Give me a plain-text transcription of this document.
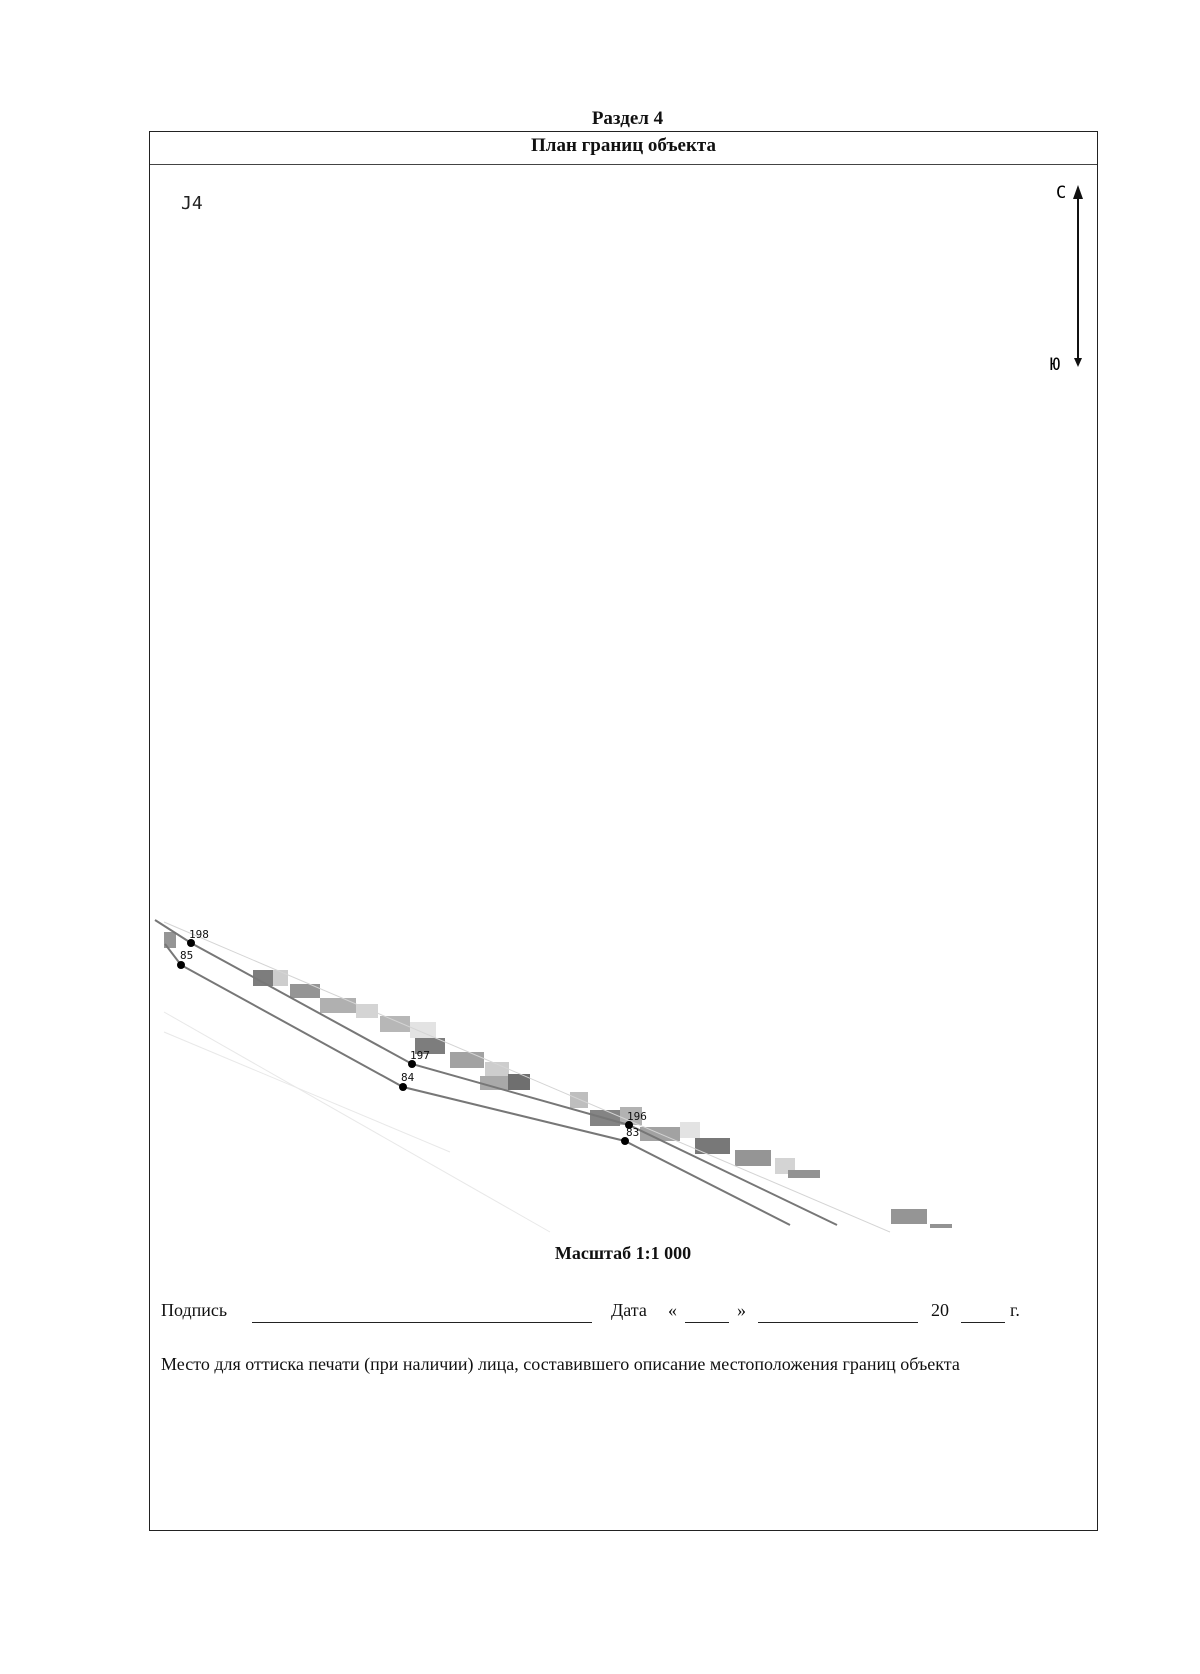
Раздел 4
План границ объекта
J4	С
Ю
198
197
196
85
84
83
Масштаб 1:1 000
Подпись	Дата «	»	20	г.
Место для оттиска печати (при наличии) лица, составившего описание местоположения границ объекта
